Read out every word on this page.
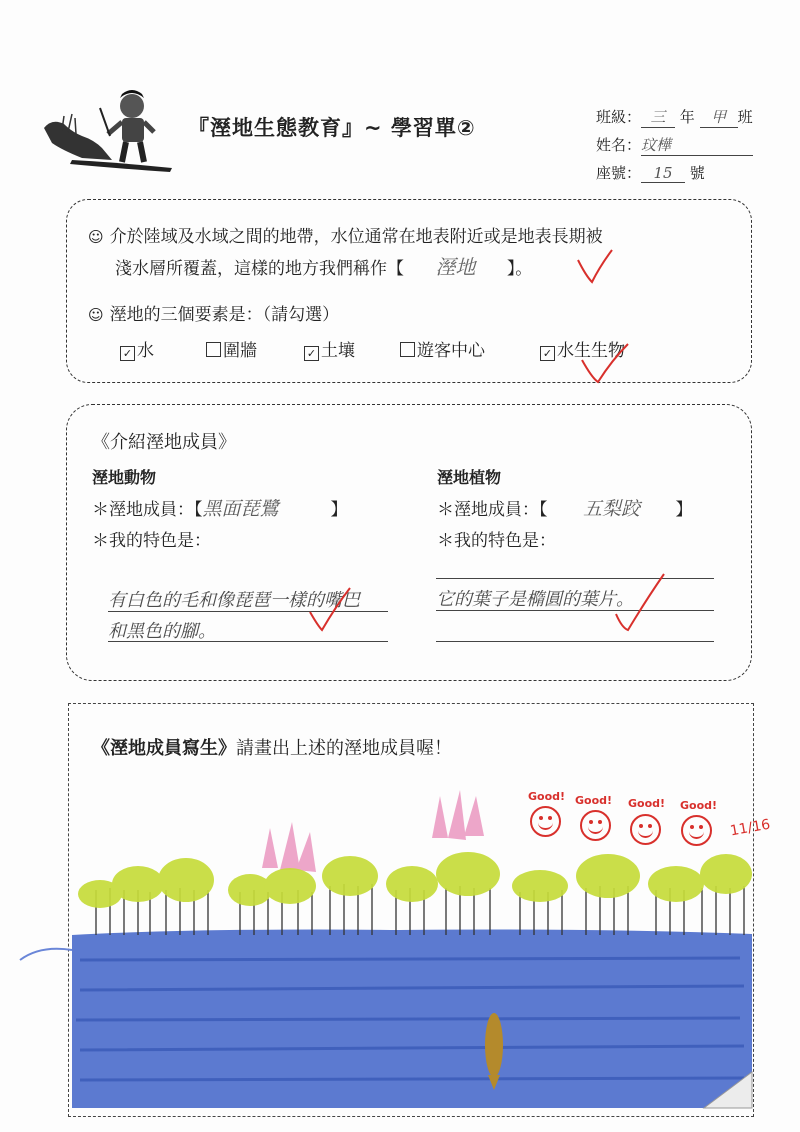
『溼地生態教育』~ 學習單②	班級： 三 年 甲 班
姓名：玟樺
座號： 15 號
☺ 介於陸域及水域之間的地帶，水位通常在地表附近或是地表長期被
淺水層所覆蓋，這樣的地方我們稱作【 溼地 】。
☺ 溼地的三個要素是：（請勾選）
✓ 水	圍牆	✓ 土壤	遊客中心	✓ 水生生物
《介紹溼地成員》
溼地動物
＊溼地成員：【黑面琵鷺	】
＊我的特色是：
有白色的毛和像琵琶一樣的嘴巴
和黑色的腳。
溼地植物
＊溼地成員：【 五梨跤 】
＊我的特色是：
它的葉子是橢圓的葉片。
《溼地成員寫生》請畫出上述的溼地成員喔！
Good! Good! Good! Good!
11/16
